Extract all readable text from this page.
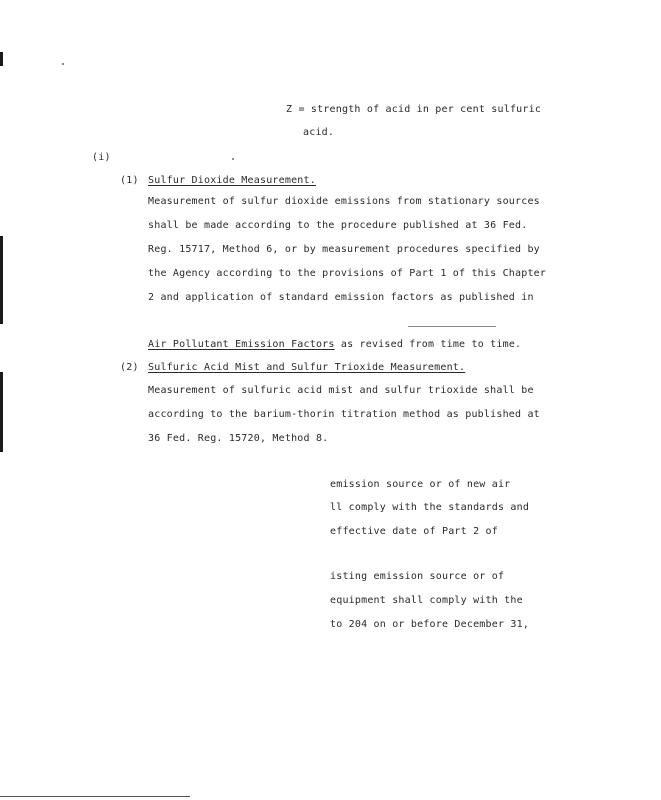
Z = strength of acid in per cent sulfuric
acid.
(i)
(1) Sulfur Dioxide Measurement.
Measurement of sulfur dioxide emissions from stationary sources
shall be made according to the procedure published at 36 Fed.
Reg. 15717, Method 6, or by measurement procedures specified by
the Agency according to the provisions of Part 1 of this Chapter
2 and application of standard emission factors as published in
Air Pollutant Emission Factors as revised from time to time.
(2) Sulfuric Acid Mist and Sulfur Trioxide Measurement.
Measurement of sulfuric acid mist and sulfur trioxide shall be
according to the barium-thorin titration method as published at
36 Fed. Reg. 15720, Method 8.
emission source or of new air
ll comply with the standards and
effective date of Part 2 of
isting emission source or of
equipment shall comply with the
to 204 on or before December 31,
